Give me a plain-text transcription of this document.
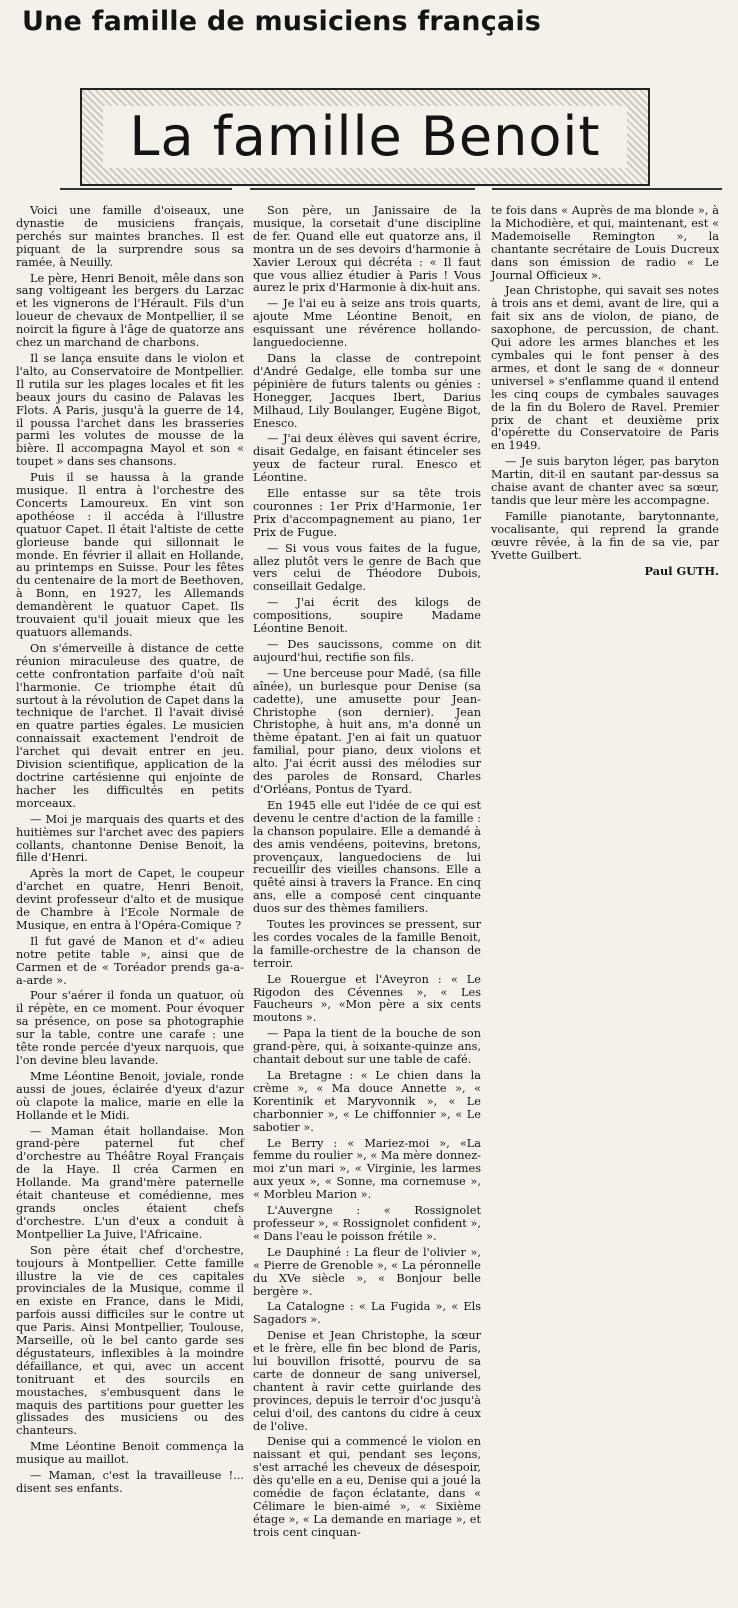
Une famille de musiciens français
La famille Benoit

Voici une famille d'oiseaux, une dynastie de musiciens français, perchés sur maintes branches. Il est piquant de la surprendre sous sa ramée, à Neuilly.

Le père, Henri Benoit, mêle dans son sang voltigeant les bergers du Larzac et les vignerons de l'Hérault. Fils d'un loueur de chevaux de Montpellier, il se noircit la figure à l'âge de quatorze ans chez un marchand de charbons.

Il se lança ensuite dans le violon et l'alto, au Conservatoire de Montpellier. Il rutila sur les plages locales et fit les beaux jours du casino de Palavas les Flots. A Paris, jusqu'à la guerre de 14, il poussa l'archet dans les brasseries parmi les volutes de mousse de la bière. Il accompagna Mayol et son « toupet » dans ses chansons.

Puis il se haussa à la grande musique. Il entra à l'orchestre des Concerts Lamoureux. En vint son apothéose : il accéda à l'illustre quatuor Capet. Il était l'altiste de cette glorieuse bande qui sillonnait le monde. En février il allait en Hollande, au printemps en Suisse. Pour les fêtes du centenaire de la mort de Beethoven, à Bonn, en 1927, les Allemands demandèrent le quatuor Capet. Ils trouvaient qu'il jouait mieux que les quatuors allemands.

On s'émerveille à distance de cette réunion miraculeuse des quatre, de cette confrontation parfaite d'où naît l'harmonie. Ce triomphe était dû surtout à la révolution de Capet dans la technique de l'archet. Il l'avait divisé en quatre parties égales. Le musicien connaissait exactement l'endroit de l'archet qui devait entrer en jeu. Division scientifique, application de la doctrine cartésienne qui enjointe de hacher les difficultés en petits morceaux.

— Moi je marquais des quarts et des huitièmes sur l'archet avec des papiers collants, chantonne Denise Benoit, la fille d'Henri.

Après la mort de Capet, le coupeur d'archet en quatre, Henri Benoit, devint professeur d'alto et de musique de Chambre à l'Ecole Normale de Musique, en entra à l'Opéra-Comique ?

Il fut gavé de Manon et d'« adieu notre petite table », ainsi que de Carmen et de « Toréador prends ga-a-a-arde ».

Pour s'aérer il fonda un quatuor, où il répète, en ce moment. Pour évoquer sa présence, on pose sa photographie sur la table, contre une carafe : une tête ronde percée d'yeux narquois, que l'on devine bleu lavande.

Mme Léontine Benoit, joviale, ronde aussi de joues, éclairée d'yeux d'azur où clapote la malice, marie en elle la Hollande et le Midi.

— Maman était hollandaise. Mon grand-père paternel fut chef d'orchestre au Théâtre Royal Français de la Haye. Il créa Carmen en Hollande. Ma grand'mère paternelle était chanteuse et comédienne, mes grands oncles étaient chefs d'orchestre. L'un d'eux a conduit à Montpellier La Juive, l'Africaine.

Son père était chef d'orchestre, toujours à Montpellier. Cette famille illustre la vie de ces capitales provinciales de la Musique, comme il en existe en France, dans le Midi, parfois aussi difficiles sur le contre ut que Paris. Ainsi Montpellier, Toulouse, Marseille, où le bel canto garde ses dégustateurs, inflexibles à la moindre défaillance, et qui, avec un accent tonitruant et des sourcils en moustaches, s'embusquent dans le maquis des partitions pour guetter les glissades des musiciens ou des chanteurs.

Mme Léontine Benoit commença la musique au maillot.

— Maman, c'est la travailleuse !... disent ses enfants.

Son père, un Janissaire de la musique, la corsetait d'une discipline de fer. Quand elle eut quatorze ans, il montra un de ses devoirs d'harmonie à Xavier Leroux qui décréta : « Il faut que vous alliez étudier à Paris ! Vous aurez le prix d'Harmonie à dix-huit ans.

— Je l'ai eu à seize ans trois quarts, ajoute Mme Léontine Benoit, en esquissant une révérence hollando-languedocienne.

Dans la classe de contrepoint d'André Gedalge, elle tomba sur une pépinière de futurs talents ou génies : Honegger, Jacques Ibert, Darius Milhaud, Lily Boulanger, Eugène Bigot, Enesco.

— J'ai deux élèves qui savent écrire, disait Gedalge, en faisant étinceler ses yeux de facteur rural. Enesco et Léontine.

Elle entasse sur sa tête trois couronnes : 1er Prix d'Harmonie, 1er Prix d'accompagnement au piano, 1er Prix de Fugue.

— Si vous vous faites de la fugue, allez plutôt vers le genre de Bach que vers celui de Théodore Dubois, conseillait Gedalge.

— J'ai écrit des kilogs de compositions, soupire Madame Léontine Benoit.

— Des saucissons, comme on dit aujourd'hui, rectifie son fils.

— Une berceuse pour Madé, (sa fille aînée), un burlesque pour Denise (sa cadette), une amusette pour Jean-Christophe (son dernier). Jean Christophe, à huit ans, m'a donné un thème épatant. J'en ai fait un quatuor familial, pour piano, deux violons et alto. J'ai écrit aussi des mélodies sur des paroles de Ronsard, Charles d'Orléans, Pontus de Tyard.

En 1945 elle eut l'idée de ce qui est devenu le centre d'action de la famille : la chanson populaire. Elle a demandé à des amis vendéens, poitevins, bretons, provençaux, languedociens de lui recueillir des vieilles chansons. Elle a quêté ainsi à travers la France. En cinq ans, elle a composé cent cinquante duos sur des thèmes familiers.

Toutes les provinces se pressent, sur les cordes vocales de la famille Benoit, la famille-orchestre de la chanson de terroir.

Le Rouergue et l'Aveyron : « Le Rigodon des Cévennes », « Les Faucheurs », «Mon père a six cents moutons ».

— Papa la tient de la bouche de son grand-père, qui, à soixante-quinze ans, chantait debout sur une table de café.

La Bretagne : « Le chien dans la crème », « Ma douce Annette », « Korentinik et Maryvonnik », « Le charbonnier », « Le chiffonnier », « Le sabotier ».

Le Berry : « Mariez-moi », «La femme du roulier », « Ma mère donnez-moi z'un mari », « Virginie, les larmes aux yeux », « Sonne, ma cornemuse », « Morbleu Marion ».

L'Auvergne : « Rossignolet professeur », « Rossignolet confident », « Dans l'eau le poisson frétile ».

Le Dauphiné : La fleur de l'olivier », « Pierre de Grenoble », « La péronnelle du XVe siècle », « Bonjour belle bergère ».

La Catalogne : « La Fugida », « Els Sagadors ».

Denise et Jean Christophe, la sœur et le frère, elle fin bec blond de Paris, lui bouvillon frisotté, pourvu de sa carte de donneur de sang universel, chantent à ravir cette guirlande des provinces, depuis le terroir d'oc jusqu'à celui d'oil, des cantons du cidre à ceux de l'olive.

Denise qui a commencé le violon en naissant et qui, pendant ses leçons, s'est arraché les cheveux de désespoir, dès qu'elle en a eu, Denise qui a joué la comédie de façon éclatante, dans « Célimare le bien-aimé », « Sixième étage », « La demande en mariage », et trois cent cinquan-

te fois dans « Auprès de ma blonde », à la Michodière, et qui, maintenant, est « Mademoiselle Remington », la chantante secrétaire de Louis Ducreux dans son émission de radio « Le Journal Officieux ».

Jean Christophe, qui savait ses notes à trois ans et demi, avant de lire, qui a fait six ans de violon, de piano, de saxophone, de percussion, de chant. Qui adore les armes blanches et les cymbales qui le font penser à des armes, et dont le sang de « donneur universel » s'enflamme quand il entend les cinq coups de cymbales sauvages de la fin du Bolero de Ravel. Premier prix de chant et deuxième prix d'opérette du Conservatoire de Paris en 1949.

— Je suis baryton léger, pas baryton Martin, dit-il en sautant par-dessus sa chaise avant de chanter avec sa sœur, tandis que leur mère les accompagne.

Famille pianotante, barytonnante, vocalisante, qui reprend la grande œuvre rêvée, à la fin de sa vie, par Yvette Guilbert.

Paul GUTH.
